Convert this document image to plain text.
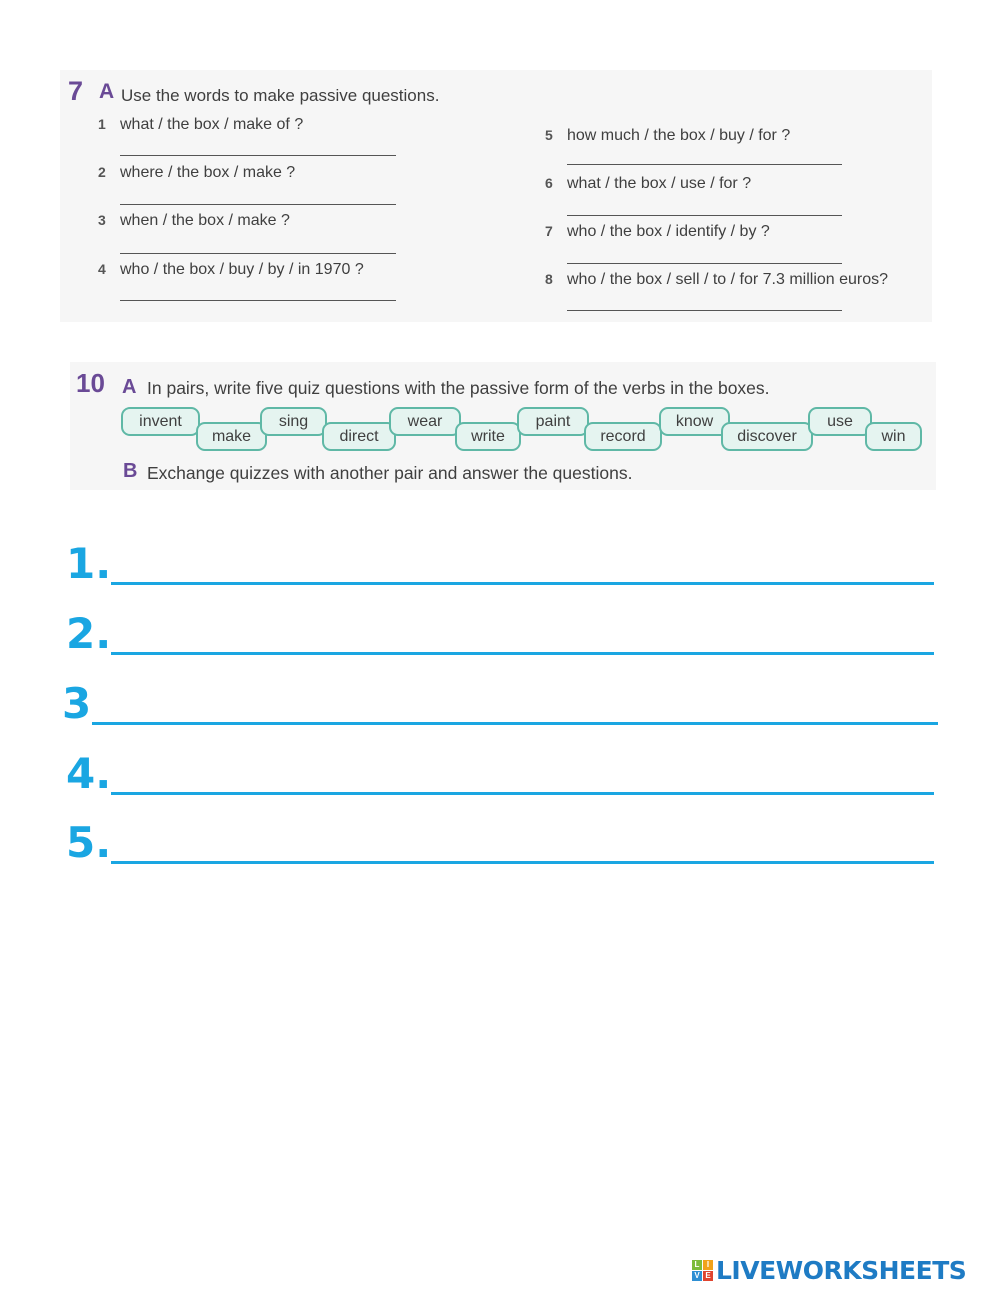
7 A Use the words to make passive questions.
1 what / the box / make of ?
2 where / the box / make ?
3 when / the box / make ?
4 who / the box / buy / by / in 1970 ?
5 how much / the box / buy / for ?
6 what / the box / use / for ?
7 who / the box / identify / by ?
8 who / the box / sell / to / for 7.3 million euros?
10 A In pairs, write five quiz questions with the passive form of the verbs in the boxes.
invent
make
sing
direct
wear
write
paint
record
know
discover
use
win
B Exchange quizzes with another pair and answer the questions.
1.
2.
3
4.
5.
L I
V E LIVEWORKSHEETS
